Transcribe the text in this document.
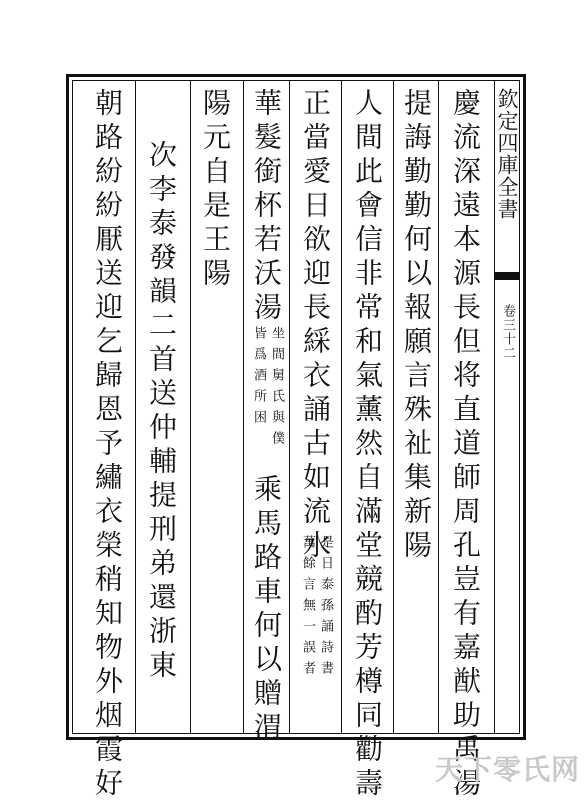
欽定四庫全書
卷三十二
慶流深遠本源長但将直道師周孔豈有嘉猷助禹湯
提誨勤勤何以報願言殊祉集新陽
人間此會信非常和氣薰然自滿堂競酌芳樽同勸壽
正當愛日欲迎長綵衣誦古如流水
是日泰孫誦詩書
萬餘言無一誤者
華髮銜杯若沃湯
坐間舅氏與僕
皆爲酒所困
乘馬路車何以贈渭
陽元自是王陽
次李泰發韻二首送仲輔提刑弟還浙東
朝路紛紛厭送迎乞歸恩予繡衣榮稍知物外烟霞好	天下零氏网
